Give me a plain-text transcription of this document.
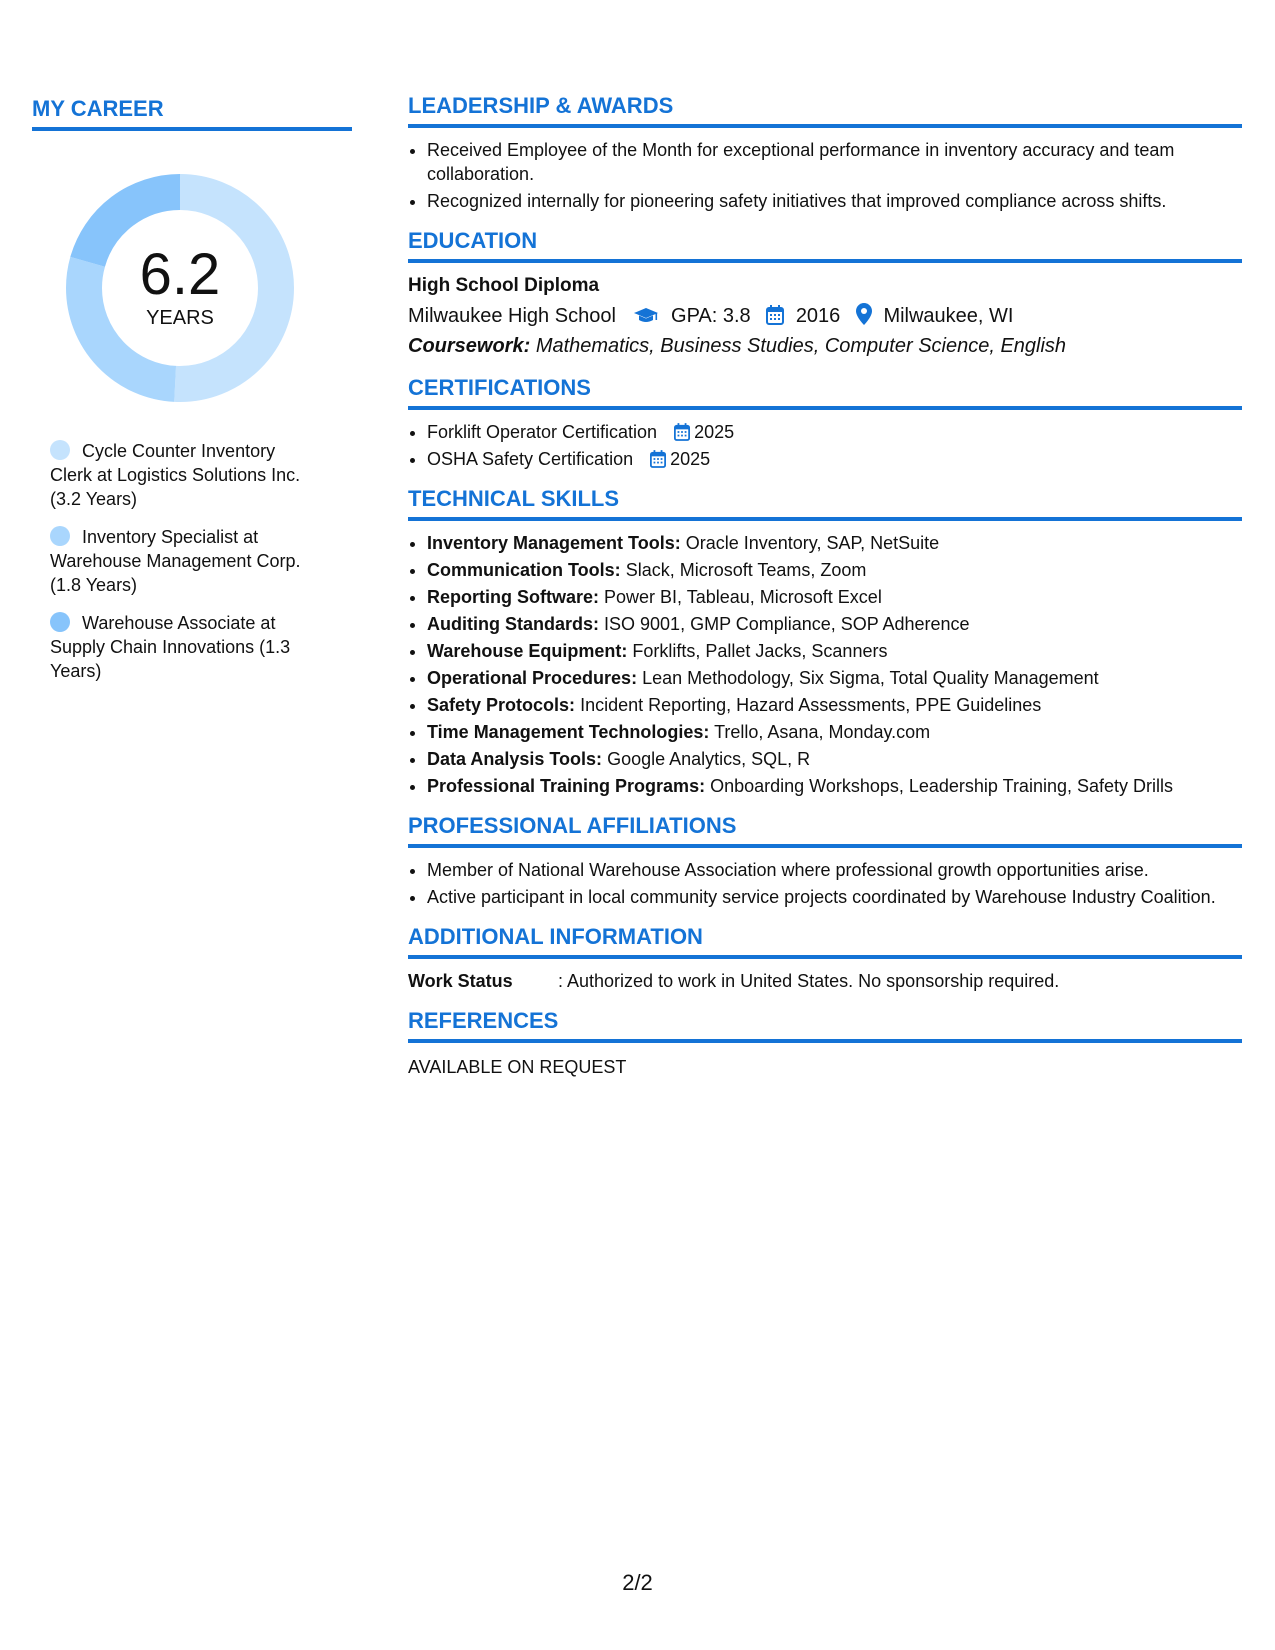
MY CAREER
6.2
YEARS
Cycle Counter Inventory Clerk at Logistics Solutions Inc. (3.2 Years)
Inventory Specialist at Warehouse Management Corp. (1.8 Years)
Warehouse Associate at Supply Chain Innovations (1.3 Years)
LEADERSHIP & AWARDS
• Received Employee of the Month for exceptional performance in inventory accuracy and team collaboration.
• Recognized internally for pioneering safety initiatives that improved compliance across shifts.
EDUCATION
High School Diploma
Milwaukee High School	GPA: 3.8 2016 Milwaukee, WI
Coursework: Mathematics, Business Studies, Computer Science, English
CERTIFICATIONS
• Forklift Operator Certification 2025
• OSHA Safety Certification 2025
TECHNICAL SKILLS
• Inventory Management Tools: Oracle Inventory, SAP, NetSuite
• Communication Tools: Slack, Microsoft Teams, Zoom
• Reporting Software: Power BI, Tableau, Microsoft Excel
• Auditing Standards: ISO 9001, GMP Compliance, SOP Adherence
• Warehouse Equipment: Forklifts, Pallet Jacks, Scanners
• Operational Procedures: Lean Methodology, Six Sigma, Total Quality Management
• Safety Protocols: Incident Reporting, Hazard Assessments, PPE Guidelines
• Time Management Technologies: Trello, Asana, Monday.com
• Data Analysis Tools: Google Analytics, SQL, R
• Professional Training Programs: Onboarding Workshops, Leadership Training, Safety Drills
PROFESSIONAL AFFILIATIONS
• Member of National Warehouse Association where professional growth opportunities arise.
• Active participant in local community service projects coordinated by Warehouse Industry Coalition.
ADDITIONAL INFORMATION
Work Status	: Authorized to work in United States. No sponsorship required.
REFERENCES
AVAILABLE ON REQUEST
2/2
